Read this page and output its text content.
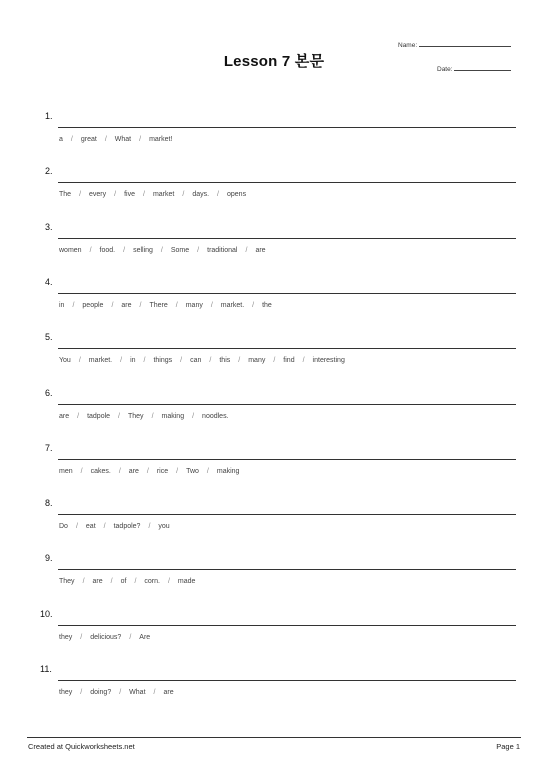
Lesson 7 본문
Name:
Date:
1.
a / great / What / market!
2.
The / every / five / market / days. / opens
3.
women / food. / selling / Some / traditional / are
4.
in / people / are / There / many / market. / the
5.
You / market. / in / things / can / this / many / find / interesting
6.
are / tadpole / They / making / noodles.
7.
men / cakes. / are / rice / Two / making
8.
Do / eat / tadpole? / you
9.
They / are / of / corn. / made
10.
they / delicious? / Are
11.
they / doing? / What / are
Created at Quickworksheets.net	Page 1
